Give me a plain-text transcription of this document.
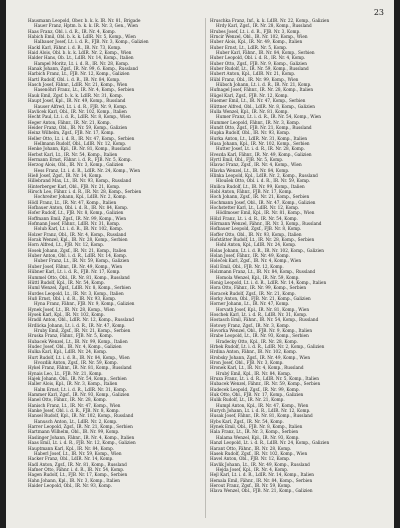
23
Hausmann Leopold, Ober. b. k. k. IR. Nr. 81, Brigade
Hauer Franz, Hptm. b. k. k. IR. Nr. 3, Gen., Wien
Haas Franz, Obl. i. d. R., IR. Nr. 4, Komp.
Habich Emil, Obl. b. k. k. LdIR. Nr. 5, Komp., Wien
Halbauer Josef, Lt. i. d. R., FJB. Nr. 3, Komp., Galizien
Hackl Karl, Fähnr. i. d. R., IR. Nr. 73, Komp.
Haid Alois, Obl. b. k. k. LdIR. Nr. 2, Komp., Wien
Halder Hans, Ob. Lt., LdIR. Nr. 14, Komp., Italien
Hampel Moritz, Lt. i. d. R., IR. Nr. 28, Komp.
Hanak Johann, Zgsf., IR. Nr. 99, 6. Komp., Russland
Harbich Franz, Lt., FJB. Nr. 12, Komp., Galizien
Hartl Rudolf, Obl. i. d. R., IR. Nr. 84, Komp.
Hasch Josef, Fähnr., LdIR. Nr. 21, Komp., Wien
Hasenöhrl Franz, Lt., IR. Nr. 4, Komp., Serbien
Hauk Emil, Zgsf. b. k. k. LdIR. Nr. 31, Komp.
Haupt Josef, Kpl., IR. Nr. 49, Komp., Russland
Hauser Alfred, Lt. i. d. R., FJB. Nr. 9, Komp.
Havlicek Karl, Obl., IR. Nr. 102, Komp., Italien
Hecht Paul, Lt. i. d. R., LdIR. Nr. 8, Komp., Wien
Heger Anton, Fähnr., IR. Nr. 21, Komp.
Heider Franz, Obl., IR. Nr. 59, Komp., Galizien
Heinz Wilhelm, Zgsf., FJB. Nr. 17, Komp.
Heller Otto, Lt. i. d. R., IR. Nr. 47, Komp., Serbien
Hellmann Rudolf, Obl., LdIR. Nr. 12, Komp.
Henke Johann, Kpl., IR. Nr. 81, Komp., Russland
Herbst Karl, Lt., IR. Nr. 54, Komp., Italien
Hermann Ernst, Fähnr. i. d. R., FJB. Nr. 5, Komp.
Herzog Alois, Obl., IR. Nr. 3, Komp., Galizien
Hess Franz, Lt. i. d. R., LdIR. Nr. 24, Komp., Wien
Hieß Josef, Zgsf., IR. Nr. 14, Komp.
Hillebrand Max, Lt., IR. Nr. 93, Komp., Russland
Hinterberger Karl, Obl., FJB. Nr. 21, Komp.
Hirsch Leo, Fähnr. i. d. R., IR. Nr. 28, Komp., Serbien
Hochreiter Johann, Kpl., LdIR. Nr. 2, Komp.
Hödl Franz, Lt., IR. Nr. 47, Komp., Italien
Hofbauer Anton, Obl. i. d. R., IR. Nr. 84, Komp.
Hofer Rudolf, Lt., FJB. Nr. 8, Komp., Galizien
Hoffmann Emil, Zgsf., IR. Nr. 99, Komp., Wien
Hofmann Josef, Fähnr., LdIR. Nr. 31, Komp.
Holub Karl, Lt. i. d. R., IR. Nr. 102, Komp.
Holzer Franz, Obl., IR. Nr. 4, Komp., Russland
Horak Wenzel, Kpl., IR. Nr. 28, Komp., Serbien
Horn Alfred, Lt., FJB. Nr. 12, Komp.
Hosek Johann, Zgsf., IR. Nr. 21, Komp., Italien
Huber Anton, Obl. i. d. R., LdIR. Nr. 14, Komp.
Huber Franz, Lt., IR. Nr. 59, Komp., Galizien
Huber Josef, Fähnr., IR. Nr. 49, Komp., Wien
Hübner Karl, Lt. i. d. R., FJB. Nr. 17, Komp.
Hummel Otto, Obl., IR. Nr. 81, Komp., Russland
Hüttl Rudolf, Kpl., IR. Nr. 54, Komp.
Huml Wenzel, Zgsf., LdIR. Nr. 8, Komp., Serbien
Hurdes Leopold, Lt., IR. Nr. 3, Komp., Italien
Huß Ernst, Obl. i. d. R., IR. Nr. 93, Komp.
Hyna Franz, Fähnr., FJB. Nr. 9, Komp., Galizien
Hynek Josef, Lt., IR. Nr. 28, Komp., Wien
Hysek Karl, Kpl., IR. Nr. 102, Komp.
Hradil Anton, Obl., LdIR. Nr. 12, Komp., Russland
Hrdlicka Johann, Lt. i. d. R., IR. Nr. 47, Komp.
Hruby Emil, Zgsf., IR. Nr. 21, Komp., Serbien
Hruska Franz, Fähnr., FJB. Nr. 5, Komp.
Hubacek Wenzel, Lt., IR. Nr. 99, Komp., Italien
Hudec Josef, Obl., IR. Nr. 4, Komp., Galizien
Hulka Karl, Kpl., LdIR. Nr. 24, Komp.
Hurt Rudolf, Lt. i. d. R., IR. Nr. 84, Komp., Wien
Hvozdik Anton, Zgsf., IR. Nr. 59, Komp.
Hykel Franz, Fähnr., IR. Nr. 81, Komp., Russland
Hynais Leo, Lt., FJB. Nr. 21, Komp.
Hajek Johann, Obl., IR. Nr. 54, Komp., Serbien
Haller Alois, Kpl., IR. Nr. 3, Komp., Italien
Halm Ernst, Lt. i. d. R., LdIR. Nr. 31, Komp.
Hammer Karl, Zgsf., IR. Nr. 93, Komp., Galizien
Hanel Otto, Fähnr., IR. Nr. 28, Komp.
Hanisch Franz, Lt., IR. Nr. 47, Komp., Wien
Hanke Josef, Obl. i. d. R., FJB. Nr. 8, Komp.
Hansel Rudolf, Kpl., IR. Nr. 102, Komp., Russland
Hanusch Anton, Lt., LdIR. Nr. 2, Komp.
Harrer Leopold, Zgsf., IR. Nr. 21, Komp., Serbien
Hartmann Wilhelm, Obl., IR. Nr. 99, Komp.
Haslinger Johann, Fähnr., IR. Nr. 4, Komp., Italien
Haas Emil, Lt. i. d. R., FJB. Nr. 12, Komp., Galizien
Hauptmann Karl, Kpl., IR. Nr. 84, Komp.
Haberl Josef, Lt., IR. Nr. 59, Komp., Wien
Hacker Franz, Obl., LdIR. Nr. 14, Komp.
Hadl Anton, Zgsf., IR. Nr. 81, Komp., Russland
Hafner Otto, Fähnr. i. d. R., IR. Nr. 54, Komp.
Hagen Rudolf, Lt., FJB. Nr. 17, Komp., Serbien
Hahn Johann, Kpl., IR. Nr. 3, Komp., Italien
Haider Leopold, Obl., IR. Nr. 93, Komp.
Hruschka Franz, Inf., k. k. LdIR. Nr. 22, Komp., Galizien
Hrdy Karl, Zgsf., IR. Nr. 28, Komp., Russland
Hrubes Josef, Lt. i. d. R., FJB. Nr. 3, Komp.
Hrncir Wenzel, Obl., IR. Nr. 102, Komp., Wien
Huber Alois, Kpl., IR. Nr. 49, Komp., Italien
Huber Ernst, Lt., LdIR. Nr. 5, Komp.
Huber Karl, Fähnr., IR. Nr. 84, Komp., Serbien
Huber Leopold, Obl. i. d. R., IR. Nr. 4, Komp.
Huber Otto, Zgsf., FJB. Nr. 9, Komp., Galizien
Huber Rudolf, Lt., IR. Nr. 59, Komp., Russland
Hubert Anton, Kpl., LdIR. Nr. 21, Komp.
Hübl Franz, Obl., IR. Nr. 99, Komp., Wien
Hübsch Johann, Lt. i. d. R., IR. Nr. 21, Komp.
Hufnagel Josef, Fähnr., IR. Nr. 28, Komp., Italien
Hügel Karl, Zgsf., FJB. Nr. 12, Komp.
Huemer Emil, Lt., IR. Nr. 47, Komp., Serbien
Hüttner Alfred, Obl., LdIR. Nr. 8, Komp., Galizien
Hulla Wenzel, Kpl., IR. Nr. 81, Komp.
Humer Franz, Lt. i. d. R., IR. Nr. 54, Komp., Wien
Hummer Leopold, Fähnr., IR. Nr. 3, Komp.
Hundt Otto, Zgsf., FJB. Nr. 21, Komp., Russland
Hupka Rudolf, Obl., IR. Nr. 93, Komp.
Hurka Anton, Lt., LdIR. Nr. 31, Komp., Italien
Husa Johann, Kpl., IR. Nr. 102, Komp., Serbien
Hutter Josef, Lt. i. d. R., IR. Nr. 28, Komp.
Hvezda Karl, Fähnr., IR. Nr. 49, Komp., Galizien
Hyrtl Emil, Obl., FJB. Nr. 5, Komp.
Hlavac Franz, Zgsf., IR. Nr. 4, Komp., Wien
Hlavka Wenzel, Lt., IR. Nr. 84, Komp.
Hlinka Leopold, Kpl., LdIR. Nr. 2, Komp., Russland
Hloušek Otto, Obl. i. d. R., IR. Nr. 59, Komp.
Hnilica Rudolf, Lt., IR. Nr. 99, Komp., Italien
Hobl Anton, Fähnr., FJB. Nr. 17, Komp.
Hoch Johann, Zgsf., IR. Nr. 21, Komp., Serbien
Hochmann Josef, Obl., IR. Nr. 47, Komp., Galizien
Hochstetter Karl, Lt., LdIR. Nr. 12, Komp.
Hödlmoser Emil, Kpl., IR. Nr. 81, Komp., Wien
Hölzl Franz, Lt. i. d. R., IR. Nr. 54, Komp.
Hörmann Wenzel, Fähnr., IR. Nr. 3, Komp., Russland
Hofbauer Leopold, Zgsf., FJB. Nr. 8, Komp.
Hoffer Otto, Obl., IR. Nr. 93, Komp., Italien
Hofstätter Rudolf, Lt., IR. Nr. 28, Komp., Serbien
Hohl Anton, Kpl., LdIR. Nr. 24, Komp.
Holas Johann, Lt. i. d. R., IR. Nr. 102, Komp., Galizien
Holan Josef, Fähnr., IR. Nr. 49, Komp.
Holeček Karl, Zgsf., IR. Nr. 4, Komp., Wien
Holl Emil, Obl., FJB. Nr. 12, Komp.
Holzmann Franz, Lt., IR. Nr. 84, Komp., Russland
Homola Wenzel, Kpl., IR. Nr. 59, Komp.
Honig Leopold, Lt. i. d. R., LdIR. Nr. 14, Komp., Italien
Hora Otto, Fähnr., IR. Nr. 99, Komp., Serbien
Horacek Rudolf, Zgsf., IR. Nr. 21, Komp.
Horky Anton, Obl., FJB. Nr. 21, Komp., Galizien
Horner Johann, Lt., IR. Nr. 47, Komp.
Horvath Josef, Kpl., IR. Nr. 81, Komp., Wien
Hoschek Karl, Lt. i. d. R., LdIR. Nr. 31, Komp.
Hostasch Emil, Fähnr., IR. Nr. 54, Komp., Russland
Hotowy Franz, Zgsf., IR. Nr. 3, Komp.
Hovorka Wenzel, Obl., FJB. Nr. 9, Komp., Italien
Hrabe Leopold, Lt., IR. Nr. 93, Komp., Serbien
Hradecky Otto, Kpl., IR. Nr. 28, Komp.
Hrbek Rudolf, Lt. i. d. R., LdIR. Nr. 2, Komp., Galizien
Hrdina Anton, Fähnr., IR. Nr. 102, Komp.
Hrobsky Johann, Zgsf., IR. Nr. 49, Komp., Wien
Hron Josef, Obl., FJB. Nr. 3, Komp.
Hronek Karl, Lt., IR. Nr. 4, Komp., Russland
Hrubý Emil, Kpl., IR. Nr. 84, Komp.
Hruza Franz, Lt. i. d. R., LdIR. Nr. 5, Komp., Italien
Hubacek Wenzel, Fähnr., IR. Nr. 59, Komp., Serbien
Hudecek Leopold, Zgsf., IR. Nr. 99, Komp.
Huk Otto, Obl., FJB. Nr. 17, Komp., Galizien
Hulik Rudolf, Lt., IR. Nr. 21, Komp.
Humpl Anton, Kpl., IR. Nr. 47, Komp., Wien
Hurych Johann, Lt. i. d. R., LdIR. Nr. 12, Komp.
Husak Josef, Fähnr., IR. Nr. 81, Komp., Russland
Hybs Karl, Zgsf., IR. Nr. 54, Komp.
Hynek Emil, Obl., FJB. Nr. 8, Komp., Italien
Hala Franz, Lt., IR. Nr. 3, Komp., Serbien
Halama Wenzel, Kpl., IR. Nr. 93, Komp.
Hanzl Leopold, Lt. i. d. R., LdIR. Nr. 24, Komp., Galizien
Harant Otto, Fähnr., IR. Nr. 28, Komp.
Hasek Rudolf, Zgsf., IR. Nr. 102, Komp., Wien
Havel Anton, Obl., FJB. Nr. 12, Komp.
Havlik Johann, Lt., IR. Nr. 49, Komp., Russland
Hejda Josef, Kpl., IR. Nr. 4, Komp.
Hejl Karl, Lt. i. d. R., LdIR. Nr. 14, Komp., Italien
Hemala Emil, Fähnr., IR. Nr. 84, Komp., Serbien
Herout Franz, Zgsf., IR. Nr. 59, Komp.
Hlava Wenzel, Obl., FJB. Nr. 21, Komp., Galizien
